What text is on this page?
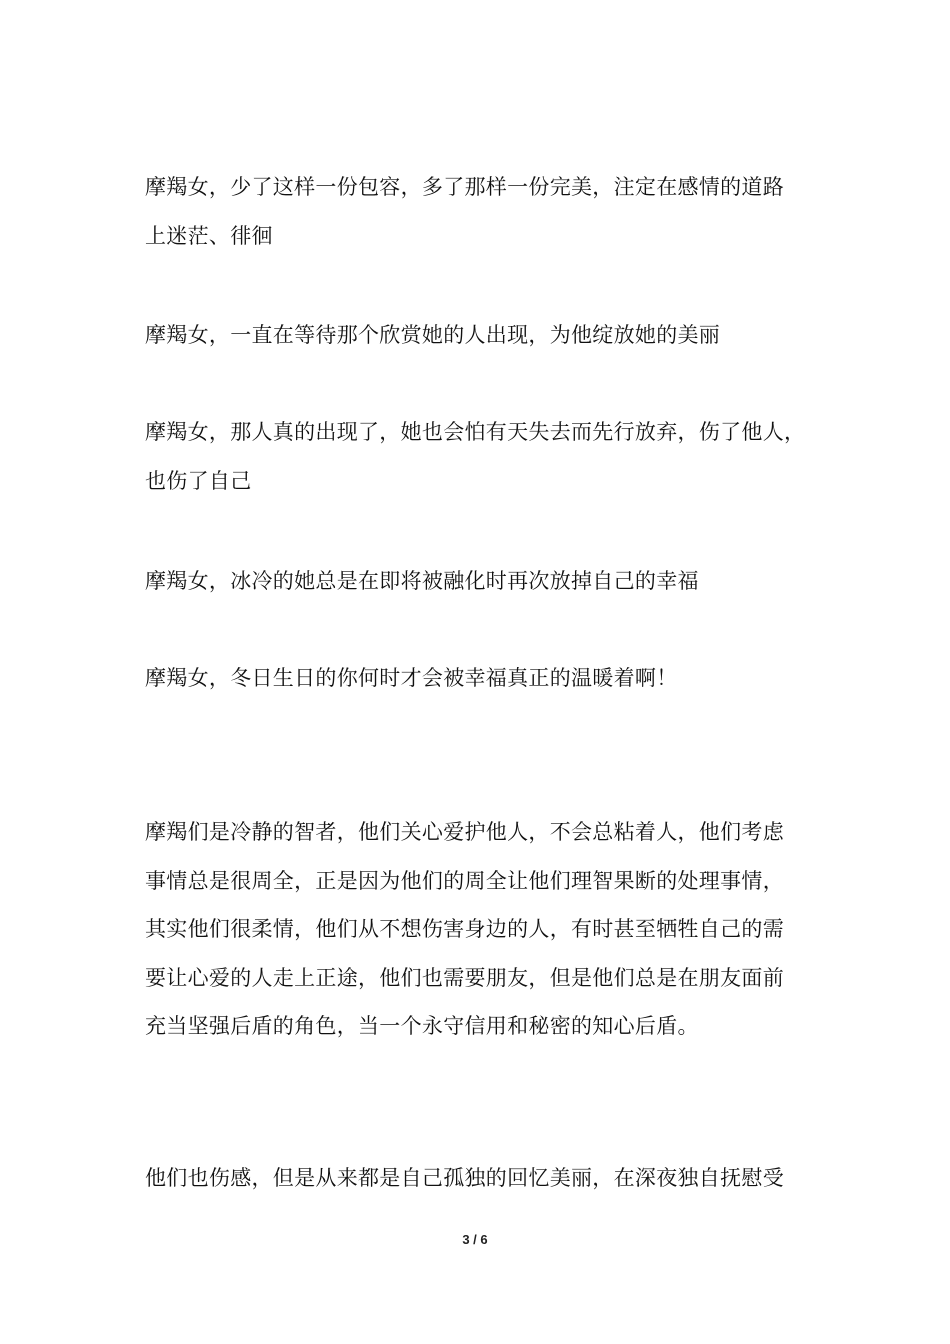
摩羯女，少了这样一份包容，多了那样一份完美，注定在感情的道路
上迷茫、徘徊

摩羯女，一直在等待那个欣赏她的人出现，为他绽放她的美丽

摩羯女，那人真的出现了，她也会怕有天失去而先行放弃，伤了他人，
也伤了自己

摩羯女，冰冷的她总是在即将被融化时再次放掉自己的幸福

摩羯女，冬日生日的你何时才会被幸福真正的温暖着啊！

摩羯们是冷静的智者，他们关心爱护他人，不会总粘着人，他们考虑
事情总是很周全，正是因为他们的周全让他们理智果断的处理事情，
其实他们很柔情，他们从不想伤害身边的人，有时甚至牺牲自己的需
要让心爱的人走上正途，他们也需要朋友，但是他们总是在朋友面前
充当坚强后盾的角色，当一个永守信用和秘密的知心后盾。

他们也伤感，但是从来都是自己孤独的回忆美丽，在深夜独自抚慰受

3 / 6
